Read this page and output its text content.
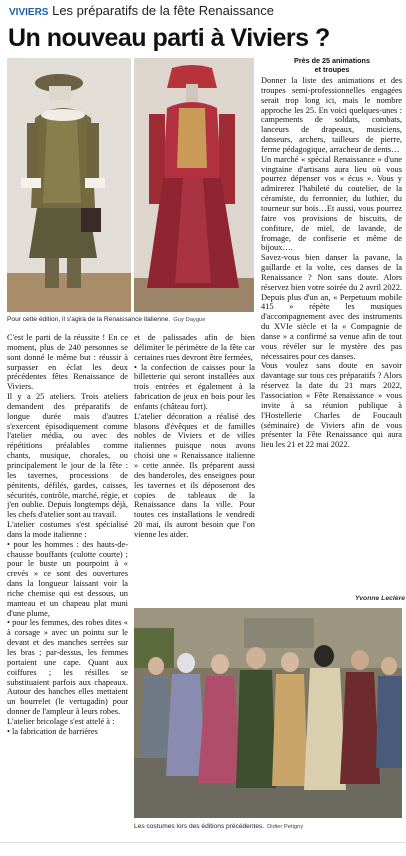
VIVIERS Les préparatifs de la fête Renaissance
Un nouveau parti à Viviers ?
Pour cette édition, il s'agira de la Renaissance italienne. Guy Daygue
Près de 25 animations
et troupes

Donner la liste des animations et des troupes semi-professionnelles engagées serait trop long ici, mais le nombre approche les 25. En voici quelques-unes : campements de soldats, combats, lanceurs de drapeaux, musiciens, danseurs, archers, tailleurs de pierre, ferme pédagogique, arracheur de dents…

Un marché « spécial Renaissance » d'une vingtaine d'artisans aura lieu où vous pourrez dépenser vos « écus ». Vous y admirerez l'habileté du coutelier, de la céramiste, du ferronnier, du luthier, du tourneur sur bois…Et aussi, vous pourrez faire vos provisions de biscuits, de confiture, de miel, de lavande, de fromage, de confiserie et même de bijoux….

Savez-vous bien danser la pavane, la gaillarde et la volte, ces danses de la Renaissance ? Non sans doute. Alors réservez bien votre soirée du 2 avril 2022. Depuis plus d'un an, « Perpetuum mobile 415 » répète les musiques d'accompagnement avec des instruments du XVIe siècle et la « Compagnie de danse » a confirmé sa venue afin de tout vous révéler sur le mystère des pas nécessaires pour ces danses.

Vous voulez sans doute en savoir davantage sur tous ces préparatifs ? Alors réservez la date du 21 mars 2022, l'association « Fête Renaissance » vous invite à sa réunion publique à l'Hostellerie Charles de Foucault (séminaire) de Viviers afin de vous présenter la Fête Renaissance qui aura lieu les 21 et 22 mai 2022.

C'est le parti de la réussite ! En ce moment, plus de 240 personnes se sont donné le même but : réussir à surpasser en éclat les deux précédentes fêtes Renaissance de Viviers.

Il y a 25 ateliers. Trois ateliers demandent des préparatifs de longue durée mais d'autres s'exercent épisodiquement comme l'atelier média, ou avec des répétitions préalables comme chants, musique, chorales, ou principalement le jour de la fête : les tavernes, processions de pénitents, défilés, gardes, caisses, sécurités, contrôle, marché, régie, et j'en oublie. Depuis longtemps déjà, les chefs d'atelier sont au travail.

L'atelier costumes s'est spécialisé dans la mode italienne :

• pour les hommes : des hauts-de-chausse bouffants (culotte courte) ; pour le buste un pourpoint à « crevés » ce sont des ouvertures dans la longueur laissant voir la riche chemise qui est dessous, un manteau et un chapeau plat muni d'une plume,

• pour les femmes, des robes dites « à corsage » avec un pointu sur le devant et des manches serrées sur les bras ; par-dessus, les femmes portaient une cape. Quant aux coiffures ; les résilles se substituaient parfois aux chapeaux. Autour des hanches elles mettaient un bourrelet (le vertugadin) pour donner de l'ampleur à leurs robes.

L'atelier bricolage s'est attelé à :

• la fabrication de barrières

et de palissades afin de bien délimiter le périmètre de la fête car certaines rues devront être fermées,

• la confection de caisses pour la billetterie qui seront installées aux trois entrées et également à la fabrication de jeux en bois pour les enfants (château fort).

L'atelier décoration a réalisé des blasons d'évêques et de familles nobles de Viviers et de villes italiennes puisque nous avons choisi une « Renaissance italienne » cette année. Ils préparent aussi des banderoles, des enseignes pour les tavernes et ils déposeront des copies de tableaux de la Renaissance dans la ville. Pour toutes ces installations le vendredi 20 mai, ils auront besoin que l'on vienne les aider.

Yvonne Leclère
Les costumes lors des éditions précédentes. Didier Petigny
